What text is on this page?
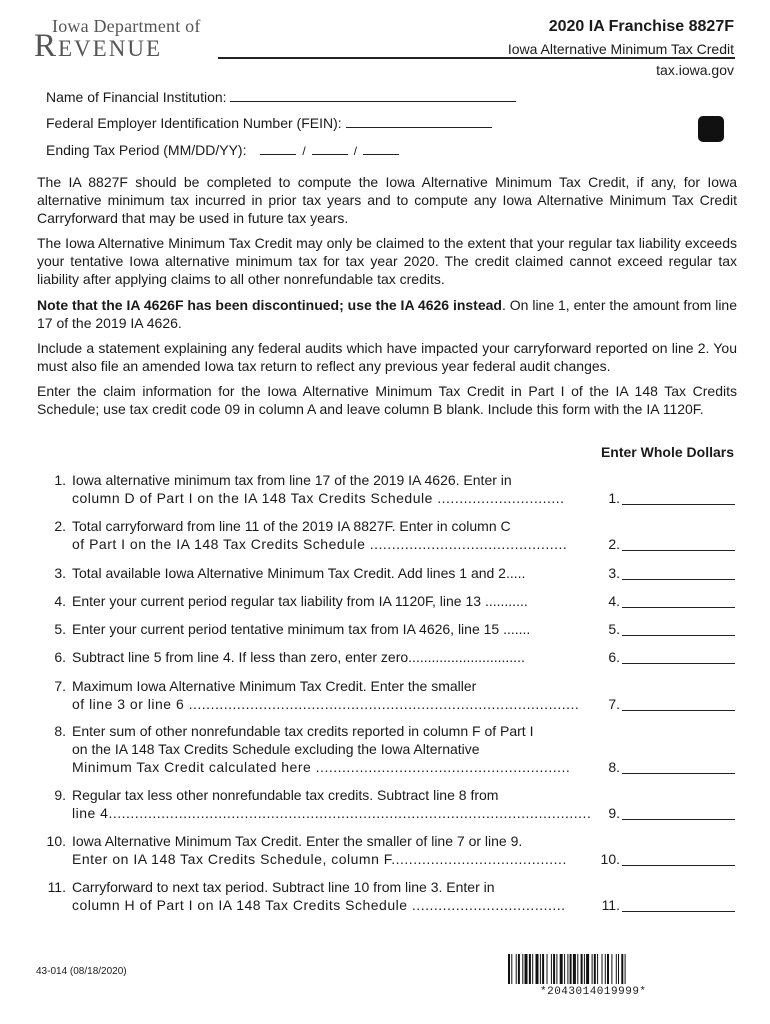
Iowa Department of
Revenue
2020 IA Franchise 8827F
Iowa Alternative Minimum Tax Credit
tax.iowa.gov
Name of Financial Institution:
Federal Employer Identification Number (FEIN):
Ending Tax Period (MM/DD/YY):	/	/

The IA 8827F should be completed to compute the Iowa Alternative Minimum Tax Credit, if any, for Iowa alternative minimum tax incurred in prior tax years and to compute any Iowa Alternative Minimum Tax Credit Carryforward that may be used in future tax years.

The Iowa Alternative Minimum Tax Credit may only be claimed to the extent that your regular tax liability exceeds your tentative Iowa alternative minimum tax for tax year 2020. The credit claimed cannot exceed regular tax liability after applying claims to all other nonrefundable tax credits.

Note that the IA 4626F has been discontinued; use the IA 4626 instead. On line 1, enter the amount from line 17 of the 2019 IA 4626.

Include a statement explaining any federal audits which have impacted your carryforward reported on line 2. You must also file an amended Iowa tax return to reflect any previous year federal audit changes.

Enter the claim information for the Iowa Alternative Minimum Tax Credit in Part I of the IA 148 Tax Credits Schedule; use tax credit code 09 in column A and leave column B blank. Include this form with the IA 1120F.

Enter Whole Dollars
1. Iowa alternative minimum tax from line 17 of the 2019 IA 4626. Enter in
column D of Part I on the IA 148 Tax Credits Schedule .............................	1.
2. Total carryforward from line 11 of the 2019 IA 8827F. Enter in column C
of Part I on the IA 148 Tax Credits Schedule .............................................	2.
3. Total available Iowa Alternative Minimum Tax Credit. Add lines 1 and 2.....	3.
4. Enter your current period regular tax liability from IA 1120F, line 13 ...........	4.
5. Enter your current period tentative minimum tax from IA 4626, line 15 .......	5.
6. Subtract line 5 from line 4. If less than zero, enter zero..............................	6.
7. Maximum Iowa Alternative Minimum Tax Credit. Enter the smaller
of line 3 or line 6 .........................................................................................	7.
8. Enter sum of other nonrefundable tax credits reported in column F of Part I
on the IA 148 Tax Credits Schedule excluding the Iowa Alternative
Minimum Tax Credit calculated here ..........................................................	8.
9. Regular tax less other nonrefundable tax credits. Subtract line 8 from
line 4..............................................................................................................	9.
10. Iowa Alternative Minimum Tax Credit. Enter the smaller of line 7 or line 9.
Enter on IA 148 Tax Credits Schedule, column F........................................	10.
11. Carryforward to next tax period. Subtract line 10 from line 3. Enter in
column H of Part I on IA 148 Tax Credits Schedule ...................................	11.
43-014 (08/18/2020)
*2043014019999*
